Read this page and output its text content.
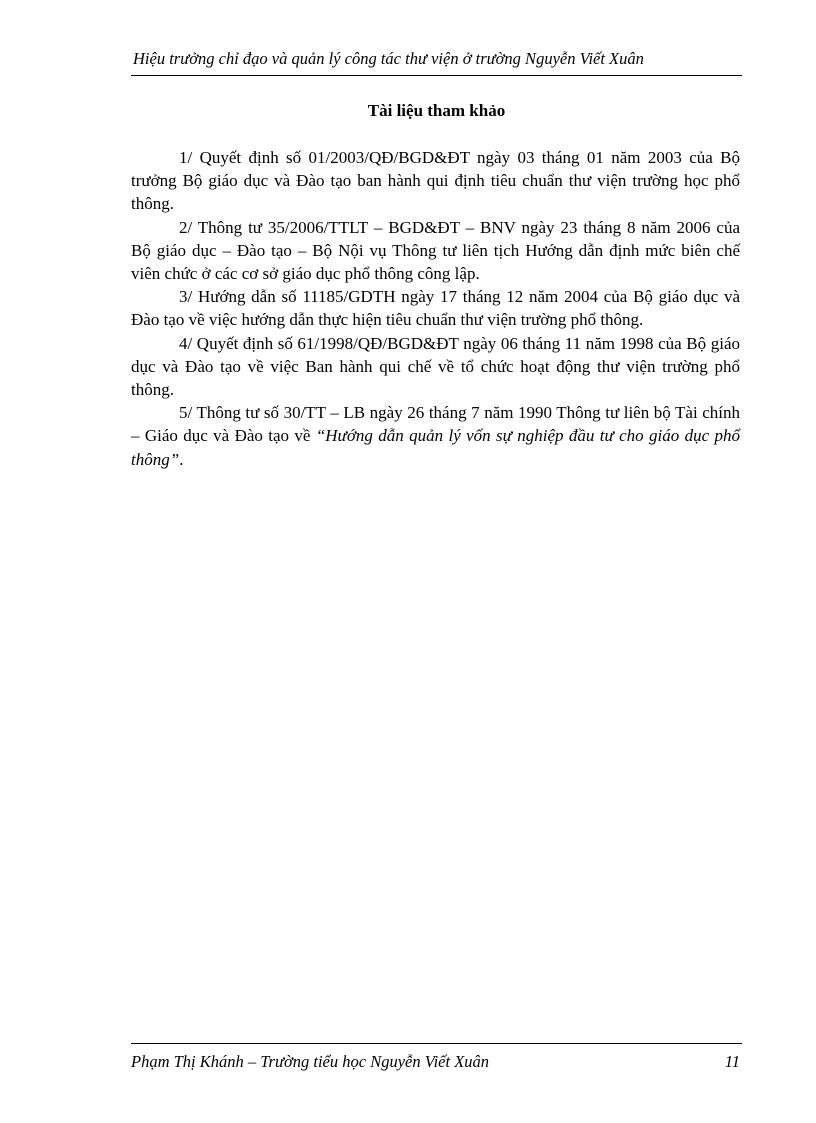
Hiệu trưởng chỉ đạo và quản lý công tác thư viện ở trường Nguyễn Viết Xuân
Tài liệu tham khảo

1/ Quyết định số 01/2003/QĐ/BGD&ĐT ngày 03 tháng 01 năm 2003 của Bộ trưởng Bộ giáo dục và Đào tạo ban hành qui định tiêu chuẩn thư viện trường học phổ thông.

2/ Thông tư 35/2006/TTLT – BGD&ĐT – BNV ngày 23 tháng 8 năm 2006 của Bộ giáo dục – Đào tạo – Bộ Nội vụ Thông tư liên tịch Hướng dẫn định mức biên chế viên chức ở các cơ sở giáo dục phổ thông công lập.

3/ Hướng dẫn số 11185/GDTH ngày 17 tháng 12 năm 2004 của Bộ giáo dục và Đào tạo về việc hướng dẫn thực hiện tiêu chuẩn thư viện trường phổ thông.

4/ Quyết định số 61/1998/QĐ/BGD&ĐT ngày 06 tháng 11 năm 1998 của Bộ giáo dục và Đào tạo về việc Ban hành qui chế về tổ chức hoạt động thư viện trường phổ thông.

5/ Thông tư số 30/TT – LB ngày 26 tháng 7 năm 1990 Thông tư liên bộ Tài chính – Giáo dục và Đào tạo về “Hướng dẫn quản lý vốn sự nghiệp đầu tư cho giáo dục phổ thông”.

Phạm Thị Khánh – Trường tiểu học Nguyễn Viết Xuân	11
